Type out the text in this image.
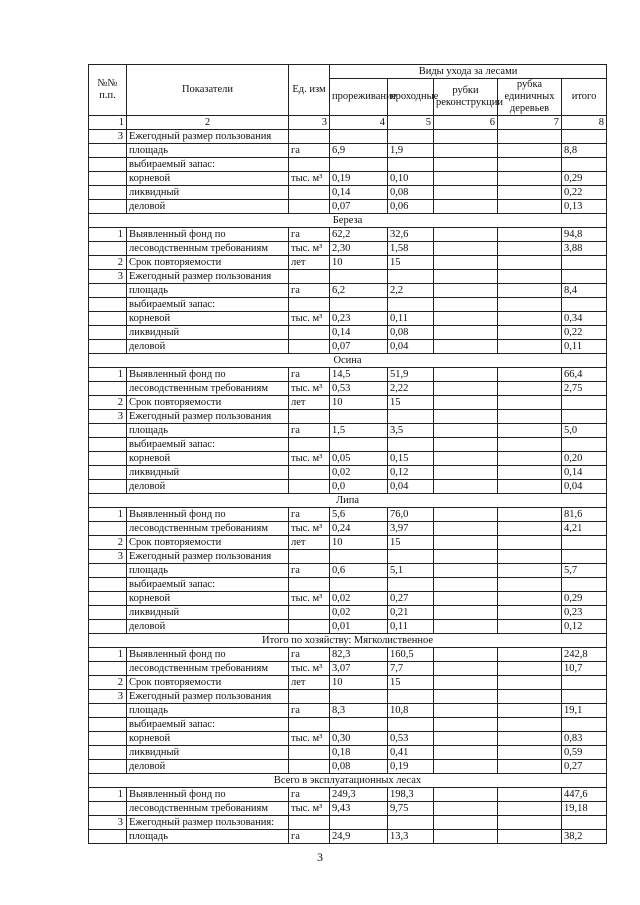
№№ п.п.	Показатели	Ед. изм	Виды ухода за лесами				
			прореживание	проходные	рубки реконструкции	рубка единичных деревьев	итого
1	2	3	4	5	6	7	8
3	Ежегодный размер пользования						
	площадь	га	6,9	1,9			8,8
	выбираемый запас:						
	корневой	тыс. м³	0,19	0,10			0,29
	ликвидный		0,14	0,08			0,22
	деловой		0,07	0,06			0,13
Береза							
1	Выявленный фонд по	га	62,2	32,6			94,8
	лесоводственным требованиям	тыс. м³	2,30	1,58			3,88
2	Срок повторяемости	лет	10	15			
3	Ежегодный размер пользования						
	площадь	га	6,2	2,2			8,4
	выбираемый запас:						
	корневой	тыс. м³	0,23	0,11			0,34
	ликвидный		0,14	0,08			0,22
	деловой		0,07	0,04			0,11
Осина							
1	Выявленный фонд по	га	14,5	51,9			66,4
	лесоводственным требованиям	тыс. м³	0,53	2,22			2,75
2	Срок повторяемости	лет	10	15			
3	Ежегодный размер пользования						
	площадь	га	1,5	3,5			5,0
	выбираемый запас:						
	корневой	тыс. м³	0,05	0,15			0,20
	ликвидный		0,02	0,12			0,14
	деловой		0,0	0,04			0,04
Липа							
1	Выявленный фонд по	га	5,6	76,0			81,6
	лесоводственным требованиям	тыс. м³	0,24	3,97			4,21
2	Срок повторяемости	лет	10	15			
3	Ежегодный размер пользования						
	площадь	га	0,6	5,1			5,7
	выбираемый запас:						
	корневой	тыс. м³	0,02	0,27			0,29
	ликвидный		0,02	0,21			0,23
	деловой		0,01	0,11			0,12
Итого по хозяйству: Мягколиственное							
1	Выявленный фонд по	га	82,3	160,5			242,8
	лесоводственным требованиям	тыс. м³	3,07	7,7			10,7
2	Срок повторяемости	лет	10	15			
3	Ежегодный размер пользования						
	площадь	га	8,3	10,8			19,1
	выбираемый запас:						
	корневой	тыс. м³	0,30	0,53			0,83
	ликвидный		0,18	0,41			0,59
	деловой		0,08	0,19			0,27
Всего в эксплуатационных лесах							
1	Выявленный фонд по	га	249,3	198,3			447,6
	лесоводственным требованиям	тыс. м³	9,43	9,75			19,18
3	Ежегодный размер пользования:						
	площадь	га	24,9	13,3			38,2
3
